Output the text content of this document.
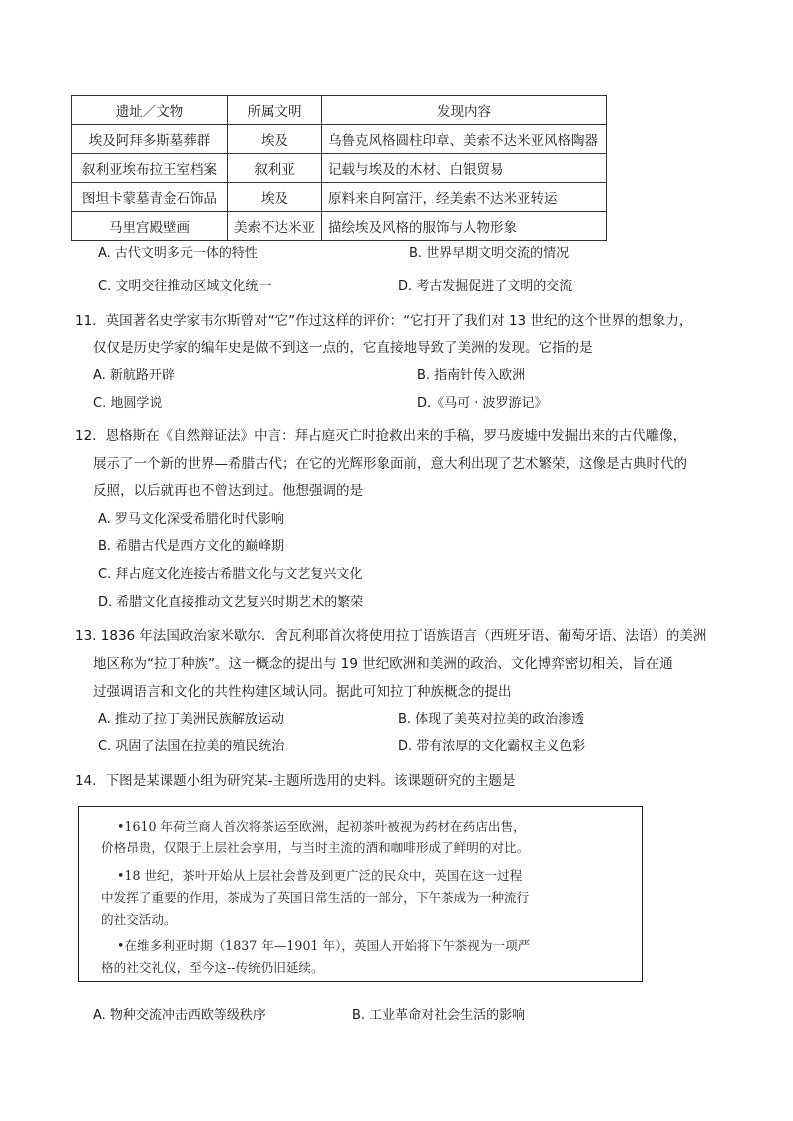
遗址／文物	所属文明	发现内容
埃及阿拜多斯墓葬群	埃及	乌鲁克风格圆柱印章、美索不达米亚风格陶器
叙利亚埃布拉王室档案	叙利亚	记载与埃及的木材、白银贸易
图坦卡蒙墓青金石饰品	埃及	原料来自阿富汗，经美索不达米亚转运
马里宫殿壁画	美索不达米亚	描绘埃及风格的服饰与人物形象
A. 古代文明多元一体的特性	B. 世界早期文明交流的情况
C. 文明交往推动区域文化统一	D. 考古发掘促进了文明的交流
11．英国著名史学家韦尔斯曾对“它”作过这样的评价：“它打开了我们对 13 世纪的这个世界的想象力，
仅仅是历史学家的编年史是做不到这一点的，它直接地导致了美洲的发现。它指的是
A. 新航路开辟	B. 指南针传入欧洲
C. 地圆学说	D.《马可 · 波罗游记》
12．恩格斯在《自然辩证法》中言：拜占庭灭亡时抢救出来的手稿，罗马废墟中发掘出来的古代雕像，
展示了一个新的世界—希腊古代；在它的光辉形象面前，意大利出现了艺术繁荣，这像是古典时代的
反照，以后就再也不曾达到过。他想强调的是
A. 罗马文化深受希腊化时代影响
B. 希腊古代是西方文化的巅峰期
C. 拜占庭文化连接古希腊文化与文艺复兴文化
D. 希腊文化直接推动文艺复兴时期艺术的繁荣
13. 1836 年法国政治家米歇尔．舍瓦利耶首次将使用拉丁语族语言（西班牙语、葡萄牙语、法语）的美洲
地区称为“拉丁种族”。这一概念的提出与 19 世纪欧洲和美洲的政治、文化博弈密切相关，旨在通
过强调语言和文化的共性构建区域认同。据此可知拉丁种族概念的提出
A. 推动了拉丁美洲民族解放运动	B. 体现了美英对拉美的政治渗透
C. 巩固了法国在拉美的殖民统治	D. 带有浓厚的文化霸权主义色彩
14．下图是某课题小组为研究某-主题所选用的史料。该课题研究的主题是
•1610 年荷兰商人首次将茶运至欧洲，起初茶叶被视为药材在药店出售，
价格昂贵，仅限于上层社会享用，与当时主流的酒和咖啡形成了鲜明的对比。
•18 世纪，茶叶开始从上层社会普及到更广泛的民众中，英国在这一过程
中发挥了重要的作用，茶成为了英国日常生活的一部分，下午茶成为一种流行
的社交活动。
•在维多利亚时期（1837 年—1901 年），英国人开始将下午茶视为一项严
格的社交礼仪，至今这--传统仍旧延续。
A. 物种交流冲击西欧等级秩序	B. 工业革命对社会生活的影响
